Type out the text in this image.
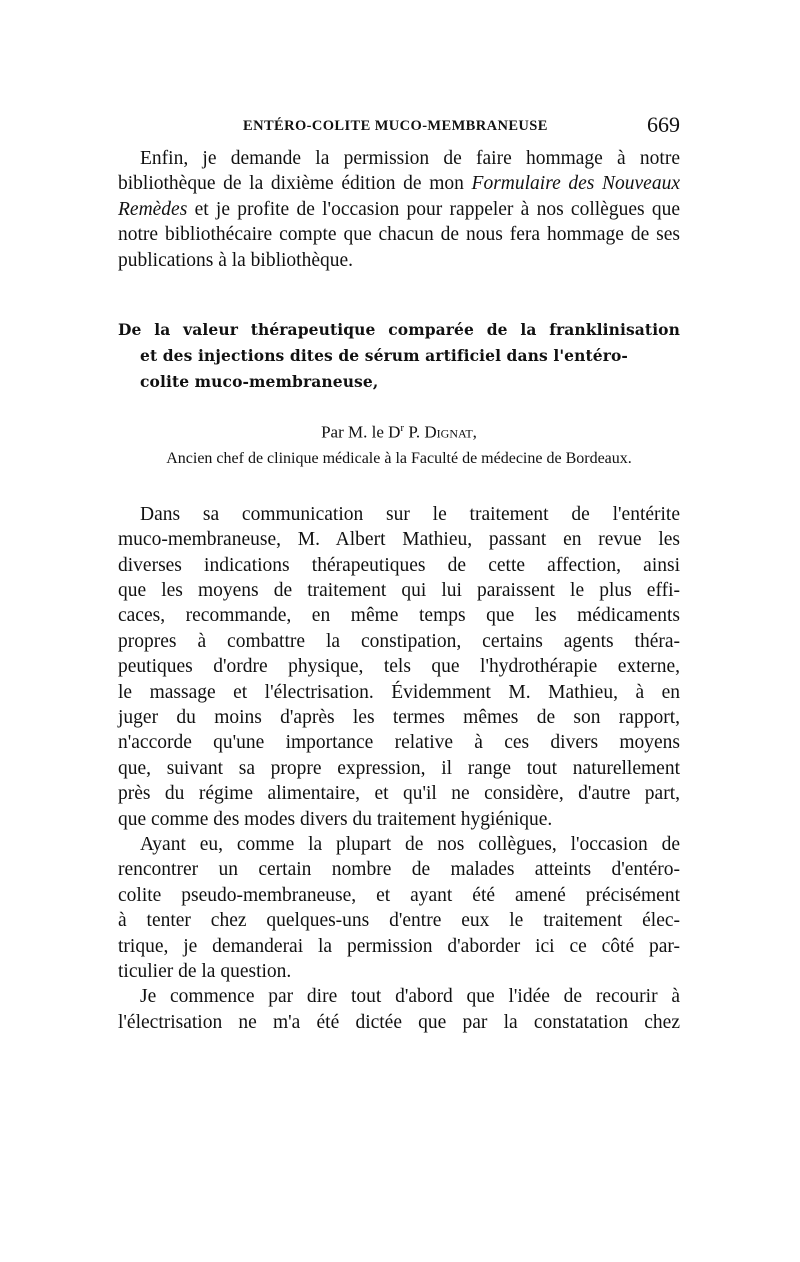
ENTÉRO-COLITE MUCO-MEMBRANEUSE	669

Enfin, je demande la permission de faire hommage à notre bibliothèque de la dixième édition de mon Formulaire des Nouveaux Remèdes et je profite de l'occasion pour rappeler à nos collègues que notre bibliothécaire compte que chacun de nous fera hommage de ses publications à la bibliothèque.

De la valeur thérapeutique comparée de la franklinisation
et des injections dites de sérum artificiel dans l'entéro-
colite muco-membraneuse,
Par M. le $D^r$ P. Dignat,
Ancien chef de clinique médicale à la Faculté de médecine de Bordeaux.

Dans sa communication sur le traitement de l'entérite
muco-membraneuse, M. Albert Mathieu, passant en revue les
diverses indications thérapeutiques de cette affection, ainsi
que les moyens de traitement qui lui paraissent le plus effi-
caces, recommande, en même temps que les médicaments
propres à combattre la constipation, certains agents théra-
peutiques d'ordre physique, tels que l'hydrothérapie externe,
le massage et l'électrisation. Évidemment M. Mathieu, à en
juger du moins d'après les termes mêmes de son rapport,
n'accorde qu'une importance relative à ces divers moyens
que, suivant sa propre expression, il range tout naturellement
près du régime alimentaire, et qu'il ne considère, d'autre part,
que comme des modes divers du traitement hygiénique.

Ayant eu, comme la plupart de nos collègues, l'occasion de
rencontrer un certain nombre de malades atteints d'entéro-
colite pseudo-membraneuse, et ayant été amené précisément
à tenter chez quelques-uns d'entre eux le traitement élec-
trique, je demanderai la permission d'aborder ici ce côté par-
ticulier de la question.

Je commence par dire tout d'abord que l'idée de recourir à
l'électrisation ne m'a été dictée que par la constatation chez
